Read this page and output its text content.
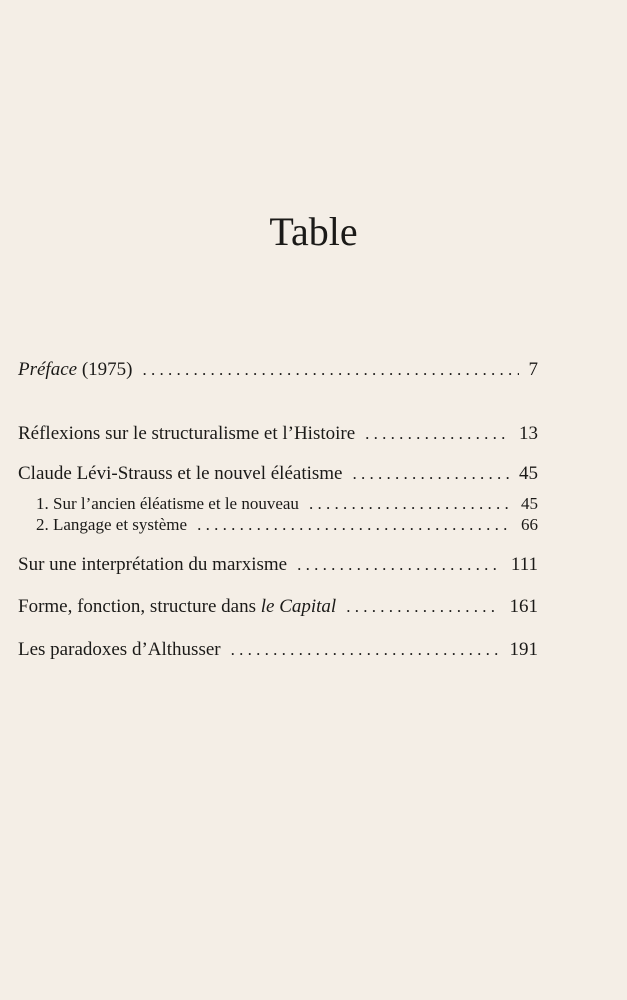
Table
Préface (1975) . . .	7
Réflexions sur le structuralisme et l’Histoire . . .	13
Claude Lévi-Strauss et le nouvel éléatisme . . .	45
1. Sur l’ancien éléatisme et le nouveau . . .	45
2. Langage et système . . .	66
Sur une interprétation du marxisme . . .	111
Forme, fonction, structure dans le Capital . . .	161
Les paradoxes d’Althusser . . .	191
